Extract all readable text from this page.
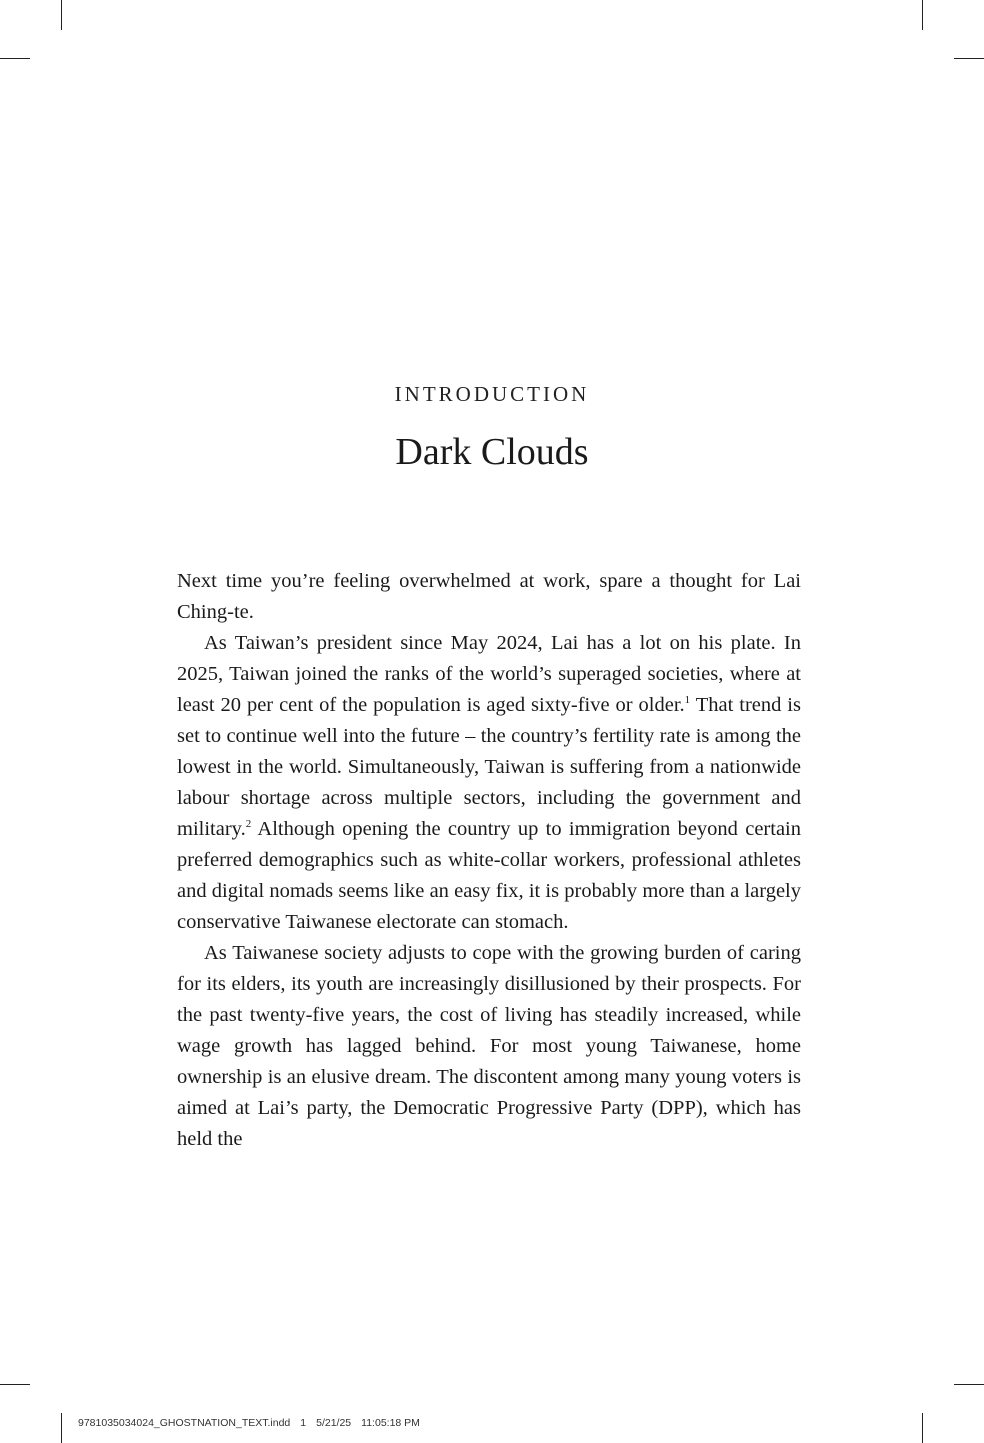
INTRODUCTION
Dark Clouds

Next time you’re feeling overwhelmed at work, spare a thought for Lai Ching-te.

As Taiwan’s president since May 2024, Lai has a lot on his plate. In 2025, Taiwan joined the ranks of the world’s superaged societies, where at least 20 per cent of the population is aged sixty-five or older.$^1$ That trend is set to continue well into the future – the country’s fertility rate is among the lowest in the world. Simultaneously, Taiwan is suffering from a nationwide labour shortage across multiple sectors, including the government and military.$^2$ Although opening the country up to immigration beyond certain preferred demographics such as white-collar workers, professional athletes and digital nomads seems like an easy fix, it is probably more than a largely conservative Taiwanese electorate can stomach.

As Taiwanese society adjusts to cope with the growing burden of caring for its elders, its youth are increasingly disillusioned by their prospects. For the past twenty-five years, the cost of living has steadily increased, while wage growth has lagged behind. For most young Taiwanese, home ownership is an elusive dream. The discontent among many young voters is aimed at Lai’s party, the Democratic Progressive Party (DPP), which has held the

9781035034024_GHOSTNATION_TEXT.indd 1 5/21/25 11:05:18 PM
